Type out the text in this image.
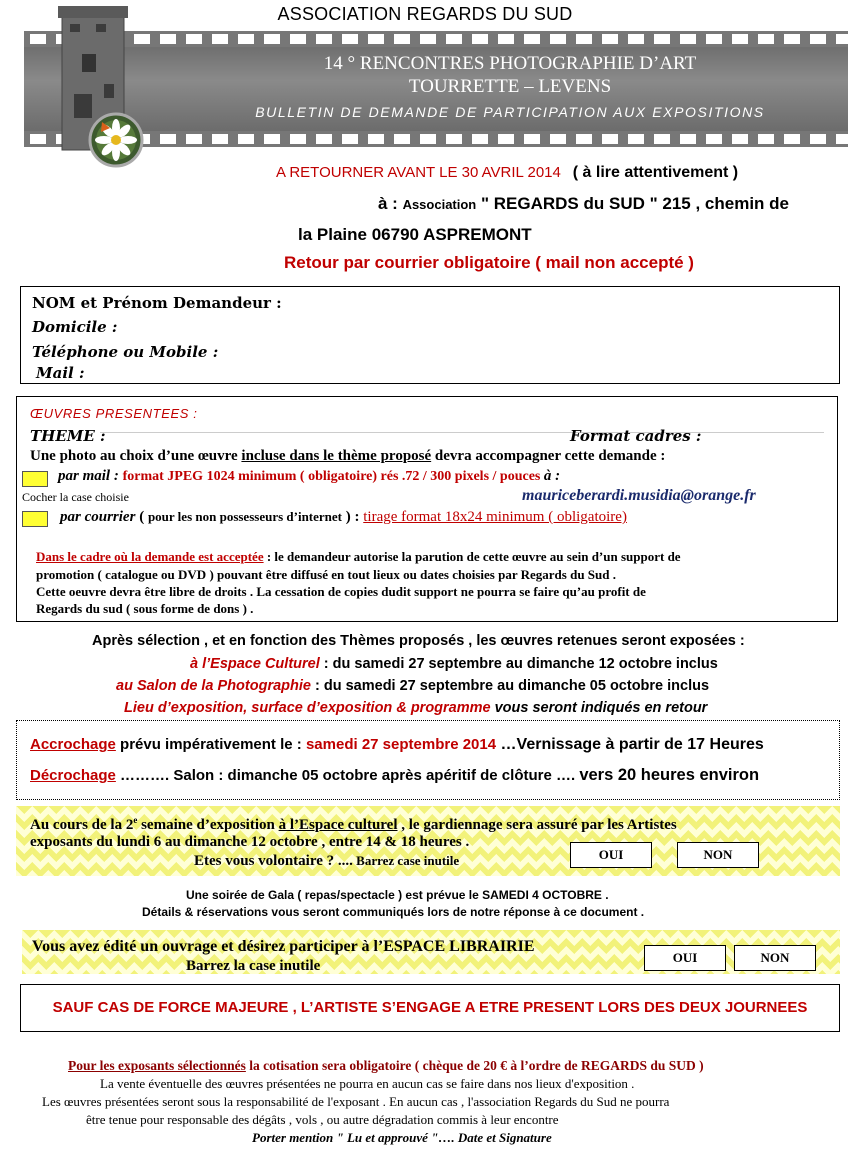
ASSOCIATION REGARDS DU SUD
14 ° RENCONTRES PHOTOGRAPHIE D’ART
TOURRETTE – LEVENS
BULLETIN DE DEMANDE DE PARTICIPATION AUX EXPOSITIONS
A RETOURNER AVANT LE 30 AVRIL 2014 ( à lire attentivement )
à : Association " REGARDS du SUD " 215 , chemin de
la Plaine 06790 ASPREMONT
Retour par courrier obligatoire ( mail non accepté )
NOM et Prénom Demandeur :
Domicile :
Téléphone ou Mobile :
Mail :
ŒUVRES PRESENTEES :
THEME :	Format cadres :
Une photo au choix d’une œuvre incluse dans le thème proposé devra accompagner cette demande :
par mail : format JPEG 1024 minimum ( obligatoire) rés .72 / 300 pixels / pouces à :
Cocher la case choisie	mauriceberardi.musidia@orange.fr
par courrier ( pour les non possesseurs d’internet ) : tirage format 18x24 minimum ( obligatoire)
Dans le cadre où la demande est acceptée : le demandeur autorise la parution de cette œuvre au sein d’un support de
promotion ( catalogue ou DVD ) pouvant être diffusé en tout lieux ou dates choisies par Regards du Sud .
Cette oeuvre devra être libre de droits . La cessation de copies dudit support ne pourra se faire qu’au profit de
Regards du sud ( sous forme de dons ) .
Après sélection , et en fonction des Thèmes proposés , les œuvres retenues seront exposées :
à l’Espace Culturel : du samedi 27 septembre au dimanche 12 octobre inclus
au Salon de la Photographie : du samedi 27 septembre au dimanche 05 octobre inclus
Lieu d’exposition, surface d’exposition & programme vous seront indiqués en retour
Accrochage prévu impérativement le : samedi 27 septembre 2014 …Vernissage à partir de 17 Heures
Décrochage ………. Salon : dimanche 05 octobre après apéritif de clôture …. vers 20 heures environ
Au cours de la 2e semaine d’exposition à l’Espace culturel , le gardiennage sera assuré par les Artistes
exposants du lundi 6 au dimanche 12 octobre , entre 14 & 18 heures .
Etes vous volontaire ? .... Barrez case inutile	OUI	NON
Une soirée de Gala ( repas/spectacle ) est prévue le SAMEDI 4 OCTOBRE .
Détails & réservations vous seront communiqués lors de notre réponse à ce document .
Vous avez édité un ouvrage et désirez participer à l’ESPACE LIBRAIRIE
Barrez la case inutile
OUI	NON
SAUF CAS DE FORCE MAJEURE , L’ARTISTE S’ENGAGE A ETRE PRESENT LORS DES DEUX JOURNEES
Pour les exposants sélectionnés la cotisation sera obligatoire ( chèque de 20 € à l’ordre de REGARDS du SUD )
La vente éventuelle des œuvres présentées ne pourra en aucun cas se faire dans nos lieux d'exposition .
Les œuvres présentées seront sous la responsabilité de l'exposant . En aucun cas , l'association Regards du Sud ne pourra
être tenue pour responsable des dégâts , vols , ou autre dégradation commis à leur encontre
Porter mention " Lu et approuvé "…. Date et Signature
